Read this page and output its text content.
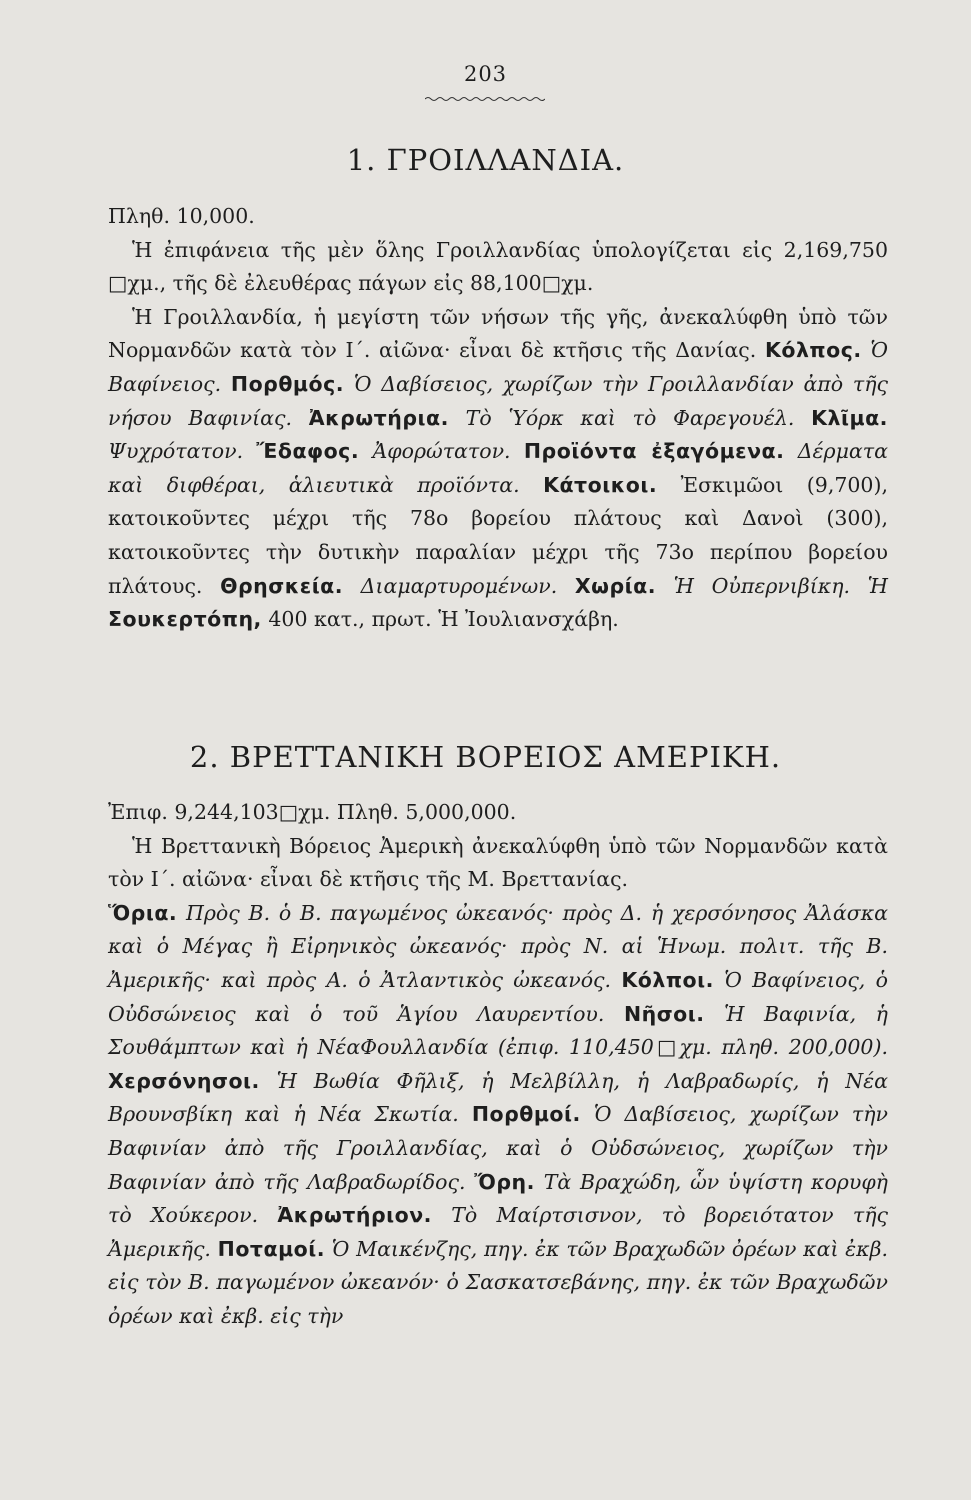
203
1. ΓΡΟΙΛΛΑΝΔΙΑ.

Πληθ. 10,000.

Ἡ ἐπιφάνεια τῆς μὲν ὅλης Γροιλλανδίας ὑπολογίζεται εἰς 2,169,750 □χμ., τῆς δὲ ἐλευθέρας πάγων εἰς 88,100□χμ.

Ἡ Γροιλλανδία, ἡ μεγίστη τῶν νήσων τῆς γῆς, ἀνεκαλύφθη ὑπὸ τῶν Νορμανδῶν κατὰ τὸν Ι΄. αἰῶνα· εἶναι δὲ κτῆσις τῆς Δανίας. Κόλπος. Ὁ Βαφίνειος. Πορθμός. Ὁ Δαβίσειος, χωρίζων τὴν Γροιλλανδίαν ἀπὸ τῆς νήσου Βαφινίας. Ἀκρωτήρια. Τὸ Ὑόρκ καὶ τὸ Φαρεγουέλ. Κλῖμα. Ψυχρότατον. Ἔδαφος. Ἀφορώτατον. Προϊόντα ἐξαγόμενα. Δέρματα καὶ διφθέραι, ἁλιευτικὰ προϊόντα. Κάτοικοι. Ἐσκιμῶοι (9,700), κατοικοῦντες μέχρι τῆς 78ο βορείου πλάτους καὶ Δανοὶ (300), κατοικοῦντες τὴν δυτικὴν παραλίαν μέχρι τῆς 73ο περίπου βορείου πλάτους. Θρησκεία. Διαμαρτυρομένων. Χωρία. Ἡ Οὐπερνιβίκη. Ἡ Σουκερτόπη, 400 κατ., πρωτ. Ἡ Ἰουλιανσχάβη.

2. ΒΡΕΤΤΑΝΙΚΗ ΒΟΡΕΙΟΣ ΑΜΕΡΙΚΗ.

Ἐπιφ. 9,244,103□χμ. Πληθ. 5,000,000.

Ἡ Βρεττανικὴ Βόρειος Ἀμερικὴ ἀνεκαλύφθη ὑπὸ τῶν Νορμανδῶν κατὰ τὸν Ι΄. αἰῶνα· εἶναι δὲ κτῆσις τῆς Μ. Βρεττανίας.

Ὅρια. Πρὸς Β. ὁ Β. παγωμένος ὠκεανός· πρὸς Δ. ἡ χερσόνησος Ἀλάσκα καὶ ὁ Μέγας ἢ Εἰρηνικὸς ὠκεανός· πρὸς Ν. αἱ Ἡνωμ. πολιτ. τῆς Β. Ἀμερικῆς· καὶ πρὸς Α. ὁ Ἀτλαντικὸς ὠκεανός. Κόλποι. Ὁ Βαφίνειος, ὁ Οὐδσώνειος καὶ ὁ τοῦ Ἁγίου Λαυρεντίου. Νῆσοι. Ἡ Βαφινία, ἡ Σουθάμπτων καὶ ἡ ΝέαΦουλλανδία (ἐπιφ. 110,450□χμ. πληθ. 200,000). Χερσόνησοι. Ἡ Βωθία Φῆλιξ, ἡ Μελβίλλη, ἡ Λαβραδωρίς, ἡ Νέα Βρουνσβίκη καὶ ἡ Νέα Σκωτία. Πορθμοί. Ὁ Δαβίσειος, χωρίζων τὴν Βαφινίαν ἀπὸ τῆς Γροιλλανδίας, καὶ ὁ Οὐδσώνειος, χωρίζων τὴν Βαφινίαν ἀπὸ τῆς Λαβραδωρίδος. Ὄρη. Τὰ Βραχώδη, ὧν ὑψίστη κορυφὴ τὸ Χούκερον. Ἀκρωτήριον. Τὸ Μαίρτσισνον, τὸ βορειότατον τῆς Ἀμερικῆς. Ποταμοί. Ὁ Μαικένζης, πηγ. ἐκ τῶν Βραχωδῶν ὀρέων καὶ ἐκβ. εἰς τὸν Β. παγωμένον ὠκεανόν· ὁ Σασκατσεβάνης, πηγ. ἐκ τῶν Βραχωδῶν ὀρέων καὶ ἐκβ. εἰς τὴν
